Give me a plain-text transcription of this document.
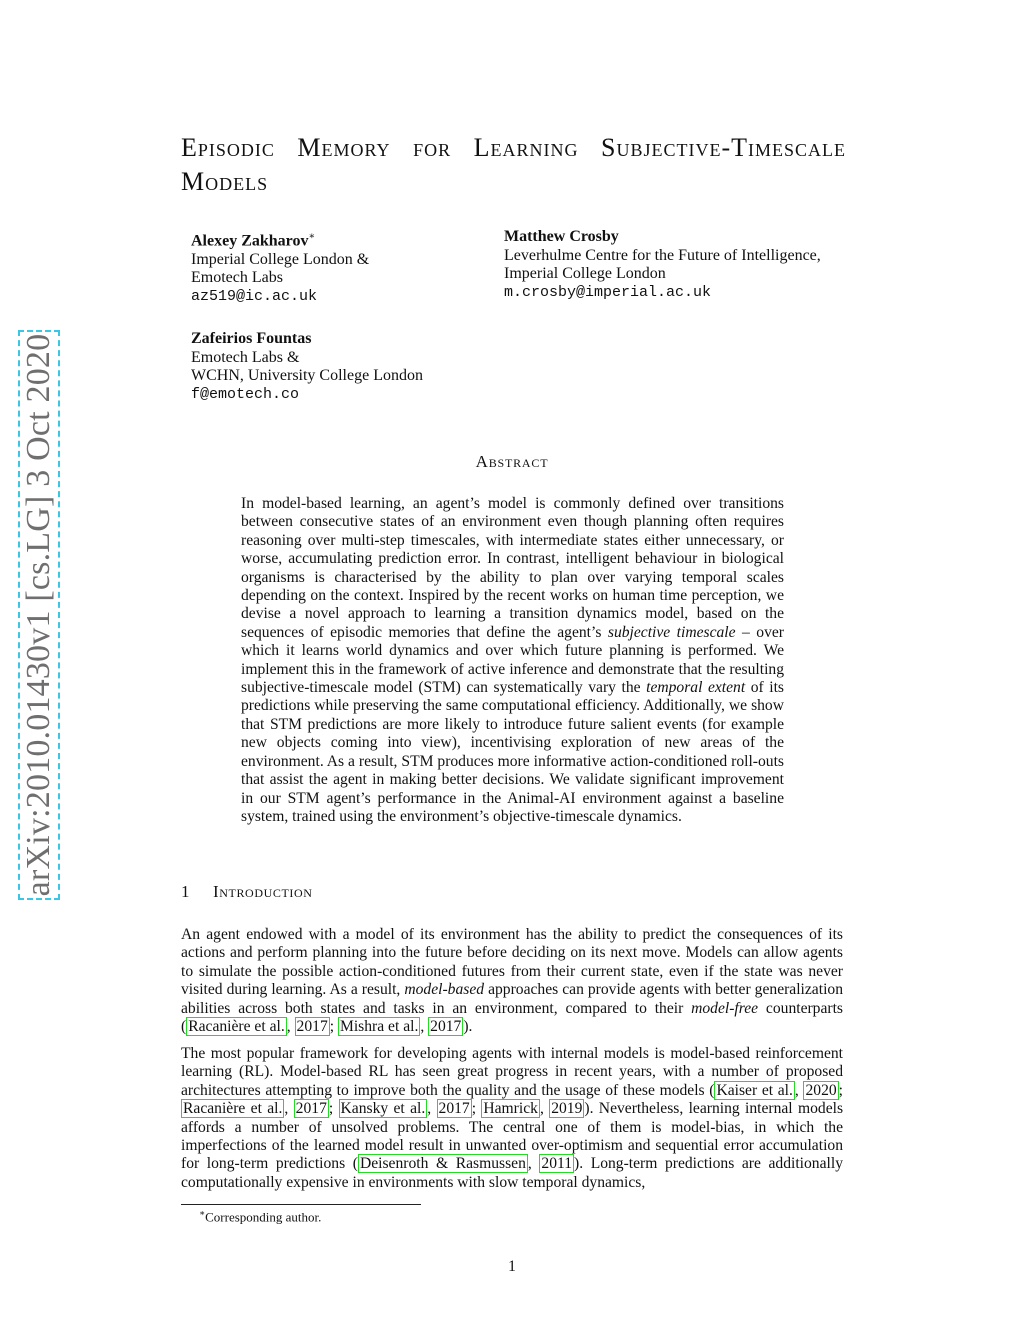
arXiv:2010.01430v1 [cs.LG] 3 Oct 2020
Episodic Memory for Learning Subjective-Timescale Models
Alexey Zakharov∗
Imperial College London &
Emotech Labs
az519@ic.ac.uk
Matthew Crosby
Leverhulme Centre for the Future of Intelligence,
Imperial College London
m.crosby@imperial.ac.uk
Zafeirios Fountas
Emotech Labs &
WCHN, University College London
f@emotech.co
Abstract
In model-based learning, an agent’s model is commonly defined over transitions between consecutive states of an environment even though planning often requires reasoning over multi-step timescales, with intermediate states either unnecessary, or worse, accumulating prediction error. In contrast, intelligent behaviour in biological organisms is characterised by the ability to plan over varying temporal scales depending on the context. Inspired by the recent works on human time perception, we devise a novel approach to learning a transition dynamics model, based on the sequences of episodic memories that define the agent’s subjective timescale – over which it learns world dynamics and over which future planning is performed. We implement this in the framework of active inference and demonstrate that the resulting subjective-timescale model (STM) can systematically vary the temporal extent of its predictions while preserving the same computational efficiency. Additionally, we show that STM predictions are more likely to introduce future salient events (for example new objects coming into view), incentivising exploration of new areas of the environment. As a result, STM produces more informative action-conditioned roll-outs that assist the agent in making better decisions. We validate significant improvement in our STM agent’s performance in the Animal-AI environment against a baseline system, trained using the environment’s objective-timescale dynamics.
1 Introduction
An agent endowed with a model of its environment has the ability to predict the consequences of its actions and perform planning into the future before deciding on its next move. Models can allow agents to simulate the possible action-conditioned futures from their current state, even if the state was never visited during learning. As a result, model-based approaches can provide agents with better generalization abilities across both states and tasks in an environment, compared to their model-free counterparts ( Racanière et al. , 2017 ; Mishra et al. , 2017 ).
The most popular framework for developing agents with internal models is model-based reinforcement learning (RL). Model-based RL has seen great progress in recent years, with a number of proposed architectures attempting to improve both the quality and the usage of these models ( Kaiser et al. , 2020 ; Racanière et al. , 2017 ; Kansky et al. , 2017 ; Hamrick , 2019 ). Nevertheless, learning internal models affords a number of unsolved problems. The central one of them is model-bias, in which the imperfections of the learned model result in unwanted over-optimism and sequential error accumulation for long-term predictions ( Deisenroth & Rasmussen , 2011 ). Long-term predictions are additionally computationally expensive in environments with slow temporal dynamics,
∗Corresponding author.
1
